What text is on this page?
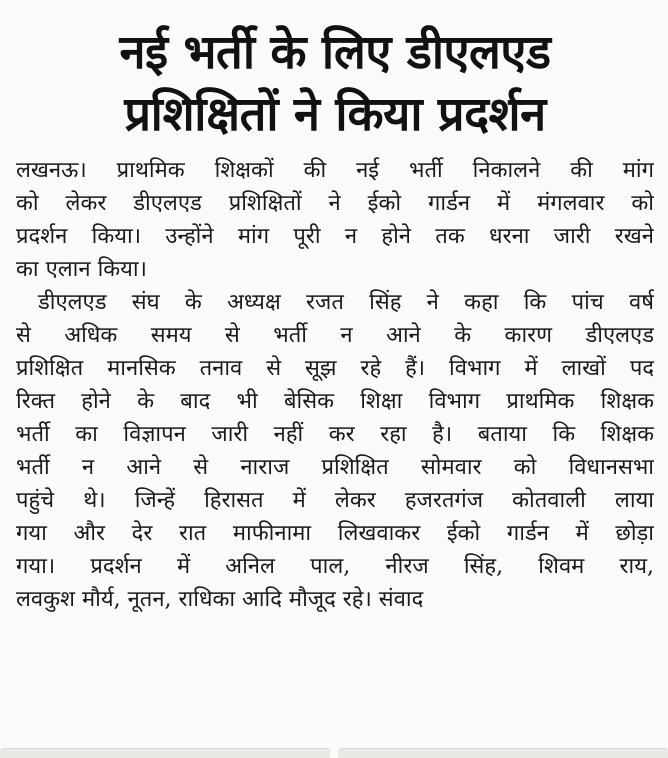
नई भर्ती के लिए डीएलएड
प्रशिक्षितों ने किया प्रदर्शन
लखनऊ। प्राथमिक शिक्षकों की नई भर्ती निकालने की मांग
को लेकर डीएलएड प्रशिक्षितों ने ईको गार्डन में मंगलवार को
प्रदर्शन किया। उन्होंने मांग पूरी न होने तक धरना जारी रखने
का एलान किया।
डीएलएड संघ के अध्यक्ष रजत सिंह ने कहा कि पांच वर्ष
से अधिक समय से भर्ती न आने के कारण डीएलएड
प्रशिक्षित मानसिक तनाव से सूझ रहे हैं। विभाग में लाखों पद
रिक्त होने के बाद भी बेसिक शिक्षा विभाग प्राथमिक शिक्षक
भर्ती का विज्ञापन जारी नहीं कर रहा है। बताया कि शिक्षक
भर्ती न आने से नाराज प्रशिक्षित सोमवार को विधानसभा
पहुंचे थे। जिन्हें हिरासत में लेकर हजरतगंज कोतवाली लाया
गया और देर रात माफीनामा लिखवाकर ईको गार्डन में छोड़ा
गया। प्रदर्शन में अनिल पाल, नीरज सिंह, शिवम राय,
लवकुश मौर्य, नूतन, राधिका आदि मौजूद रहे। संवाद
